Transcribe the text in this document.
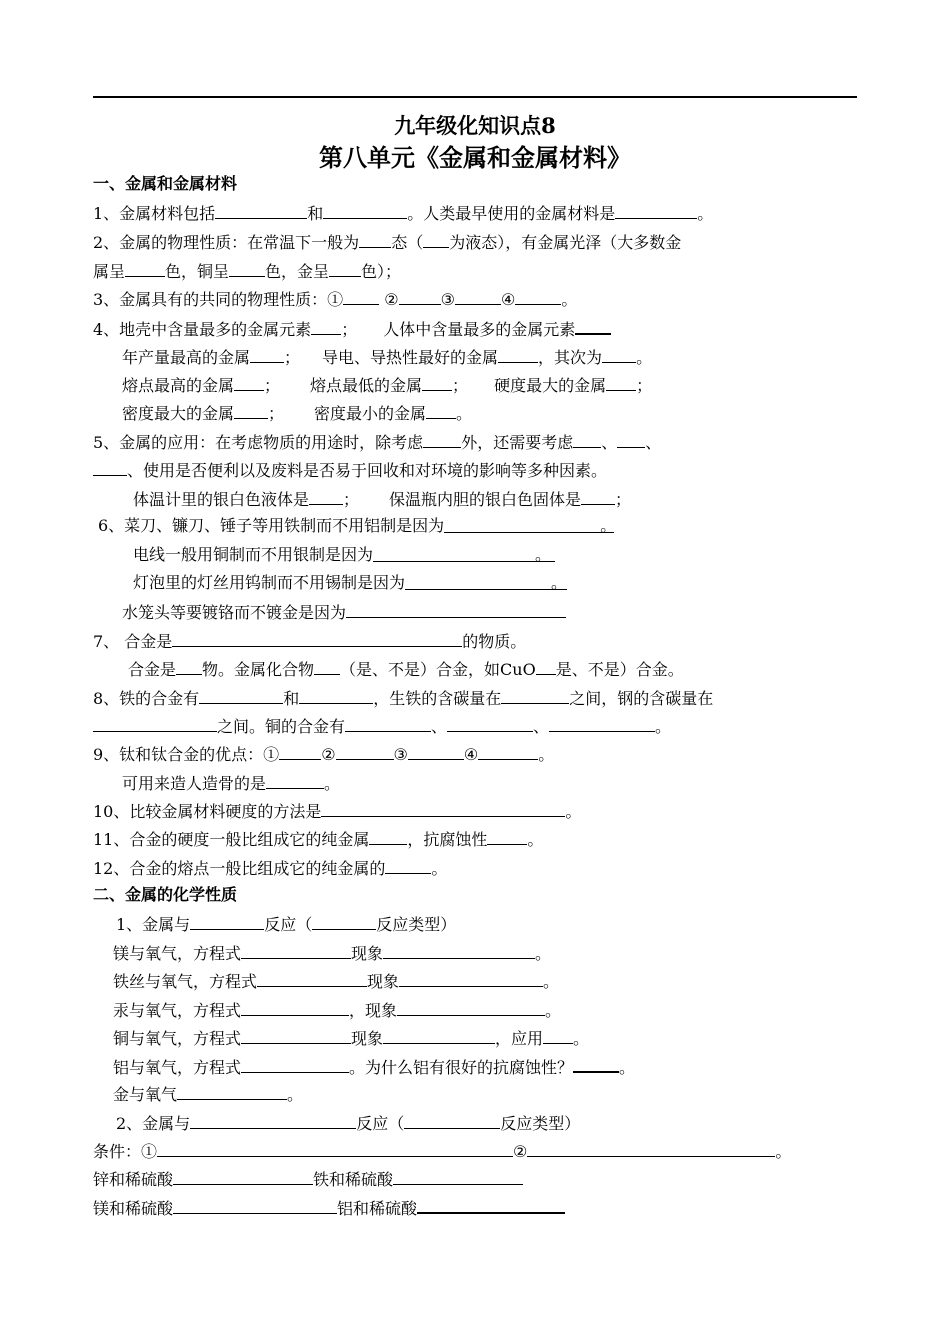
九年级化知识点8
第八单元《金属和金属材料》
一、金属和金属材料
1、金属材料包括	和	。人类最早使用的金属材料是	。
2、金属的物理性质：在常温下一般为 态（ 为液态），有金属光泽（大多数金
属呈	色，铜呈 色，金呈 色）；
3、金属具有的共同的物理性质：①	②	③	④	。
4、地壳中含量最多的金属元素 ； 人体中含量最多的金属元素
年产量最高的金属 ； 导电、导热性最好的金属	，其次为 。
熔点最高的金属 ； 熔点最低的金属 ； 硬度最大的金属 ；
密度最大的金属 ； 密度最小的金属 。
5、金属的应用：在考虑物质的用途时，除考虑 外，还需要考虑 、 、
、使用是否便利以及废料是否易于回收和对环境的影响等多种因素。
体温计里的银白色液体是 ； 保温瓶内胆的银白色固体是 ；
6、菜刀、镰刀、锤子等用铁制而不用铝制是因为	。
电线一般用铜制而不用银制是因为	。
灯泡里的灯丝用钨制而不用锡制是因为	。
水笼头等要镀铬而不镀金是因为
7、 合金是	的物质。
合金是 物。金属化合物 （是、不是）合金，如CuO 是、不是）合金。
8、铁的合金有	和	，生铁的含碳量在	之间，钢的含碳量在
之间。铜的合金有	、	、	。
9、钛和钛合金的优点：①	②	③	④	。
可用来造人造骨的是	。
10、比较金属材料硬度的方法是	。
11、合金的硬度一般比组成它的纯金属 ，抗腐蚀性	。
12、合金的熔点一般比组成它的纯金属的	。
二、金属的化学性质
1、金属与	反应（	反应类型）
镁与氧气，方程式	现象	。
铁丝与氧气，方程式	现象	。
汞与氧气，方程式	，现象	。
铜与氧气，方程式	现象	，应用 。
铝与氧气，方程式	。为什么铝有很好的抗腐蚀性？	。
金与氧气	。
2、金属与	反应（	反应类型）
条件：①	②	。
锌和稀硫酸	铁和稀硫酸
镁和稀硫酸	铝和稀硫酸
